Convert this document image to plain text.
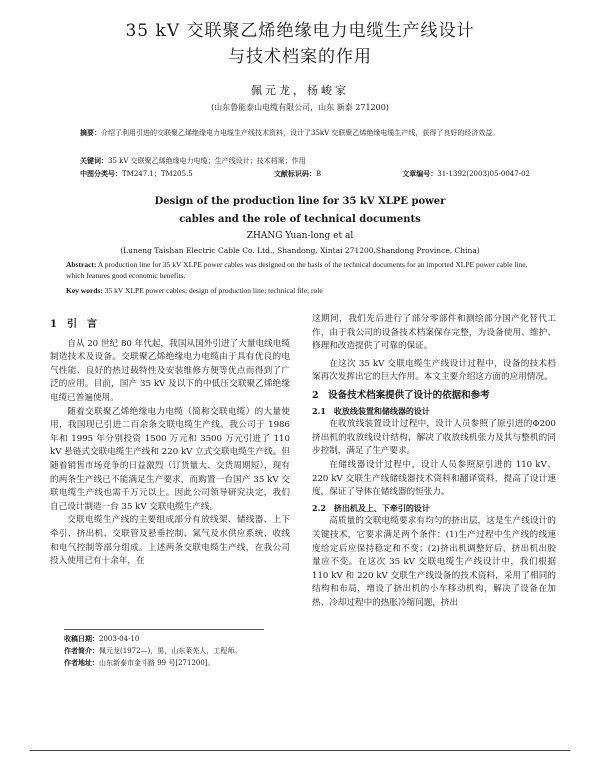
35 kV 交联聚乙烯绝缘电力电缆生产线设计
与技术档案的作用
佩元龙，杨峻家
(山东鲁能泰山电缆有限公司，山东 新泰 271200)
摘要：介绍了利用引进的交联聚乙烯绝缘电力电缆生产线技术资料，设计了35kV 交联聚乙烯绝缘电缆生产线，获得了良好的经济效益。
关键词：35 kV 交联聚乙烯绝缘电力电缆；生产线设计；技术档案；作用
中图分类号：TM247.1；TM205.5	文献标识码：B	文章编号：31-1392(2003)05-0047-02
Design of the production line for 35 kV XLPE power
cables and the role of technical documents
ZHANG Yuan-long et al
(Luneng Taishan Electric Cable Co. Ltd., Shandong, Xintai 271200,Shandong Province, China)
Abstract: A production line for 35 kV XLPE power cables was designed on the basis of the technical documents for an imported XLPE power cable line, which features good economic benefits.
Key words: 35 kV XLPE power cables; design of production line; technical file; role
1　引　言

自从 20 世纪 80 年代起，我国从国外引进了大量电线电缆制造技术及设备。交联聚乙烯绝缘电力电缆由于具有优良的电气性能、良好的热过载特性及安装维修方便等优点而得到了广泛的应用。目前，国产 35 kV 及以下的中低压交联聚乙烯绝缘电缆已普遍使用。

随着交联聚乙烯绝缘电力电缆（简称交联电缆）的大量使用，我国现已引进二百余条交联电缆生产线。我公司于 1986 年和 1995 年分别投资 1500 万元和 3500 万元引进了 110 kV 悬链式交联电缆生产线和 220 kV 立式交联电缆生产线。但随着销售市场竞争的日益激烈（订货量大、交货周期短），现有的两条生产线已不能满足生产要求，而购置一台国产 35 kV 交联电缆生产线也需千万元以上。因此公司领导研究决定，我们自己设计制造一台 35 kV 交联电缆生产线。

交联电缆生产线的主要组成部分有放线架、储线器、上下牵引、挤出机、交联管及悬垂控制、氮气及水供应系统、收线和电气控制等部分组成。上述两条交联电缆生产线，在我公司投入使用已有十余年，在

收稿日期：2003-04-10
作者简介：佩元龙(1972—)，男，山东莱芜人，工程师。
作者地址：山东新泰市金斗路 99 号[271200]。

这期间，我们先后进行了部分零部件和测绘部分国产化替代工作，由于我公司的设备技术档案保存完整，为设备使用、维护、修理和改造提供了可靠的保证。

在这次 35 kV 交联电缆生产线设计过程中，设备的技术档案再次发挥出它的巨大作用。本文主要介绍这方面的应用情况。

2　设备技术档案提供了设计的依据和参考
2.1　收放线装置和储线器的设计

在收放线装置设计过程中，设计人员参照了原引进的Φ200 挤出机的收放线设计结构，解决了收放线机张力及其与整机的同步控制，满足了生产要求。

在储线器设计过程中，设计人员参照原引进的 110 kV、220 kV 交联生产线储线器技术资料和翻译资料，提高了设计速度，保证了导体在储线器的恒张力。

2.2　挤出机及上、下牵引的设计

高质量的交联电缆要求有均匀的挤出层，这是生产线设计的关键技术，它要求满足两个条件：(1)生产过程中生产线的线速度给定后应保持稳定和不变；(2)挤出机调整好后，挤出机出胶量应不变。在这次 35 kV 交联电缆生产线设计中，我们根据 110 kV 和 220 kV 交联生产线设备的技术资料，采用了相同的结构和布局，增设了挤出机的小车移动机构，解决了设备在加热、冷却过程中的热胀冷缩问题，挤出
